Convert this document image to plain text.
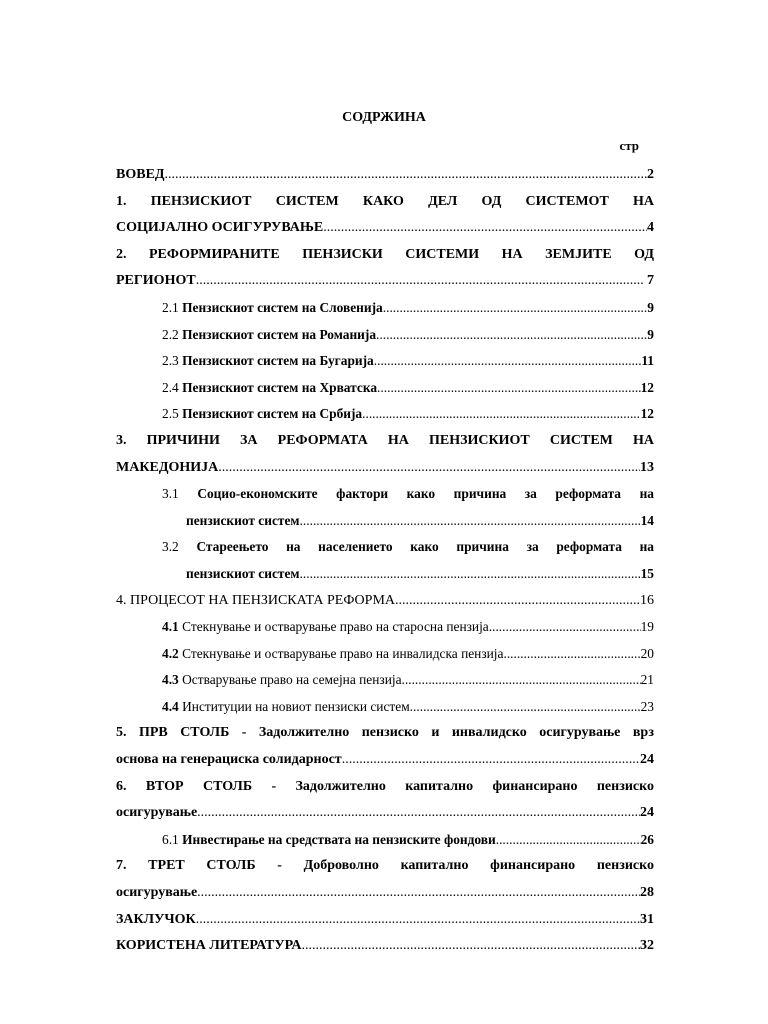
СОДРЖИНА
стр
ВОВЕД .....	2
1. ПЕНЗИСКИОТ СИСТЕМ КАКО ДЕЛ ОД СИСТЕМОТ НА
СОЦИЈАЛНО ОСИГУРУВАЊЕ .....	4
2. РЕФОРМИРАНИТЕ ПЕНЗИСКИ СИСТЕМИ НА ЗЕМЈИТЕ ОД
РЕГИОНОТ .....	7
2.1 Пензискиот систем на Словенија .....	9
2.2 Пензискиот систем на Романија .....	9
2.3 Пензискиот систем на Бугарија .....	11
2.4 Пензискиот систем на Хрватска .....	12
2.5 Пензискиот систем на Србија .....	12
3. ПРИЧИНИ ЗА РЕФОРМАТА НА ПЕНЗИСКИОТ СИСТЕМ НА
МАКЕДОНИЈА .....	13
3.1 Социо-економските фактори како причина за реформата на
пензискиот систем .....	14
3.2 Стареењето на населението како причина за реформата на
пензискиот систем .....	15
4. ПРОЦЕСОТ НА ПЕНЗИСКАТА РЕФОРМА .....	16
4.1 Стекнување и остварување право на старосна пензија .....	19
4.2 Стекнување и остварување право на инвалидска пензија .....	20
4.3 Остварување право на семејна пензија .....	21
4.4 Институции на новиот пензиски систем .....	23
5. ПРВ СТОЛБ - Задолжително пензиско и инвалидско осигурување врз
основа на генерациска солидарност .....	24
6. ВТОР СТОЛБ - Задолжително капитално финансирано пензиско
осигурување .....	24
6.1 Инвестирање на средствата на пензиските фондови .....	26
7. ТРЕТ СТОЛБ - Доброволно капитално финансирано пензиско
осигурување .....	28
ЗАКЛУЧОК .....	31
КОРИСТЕНА ЛИТЕРАТУРА .....	32
